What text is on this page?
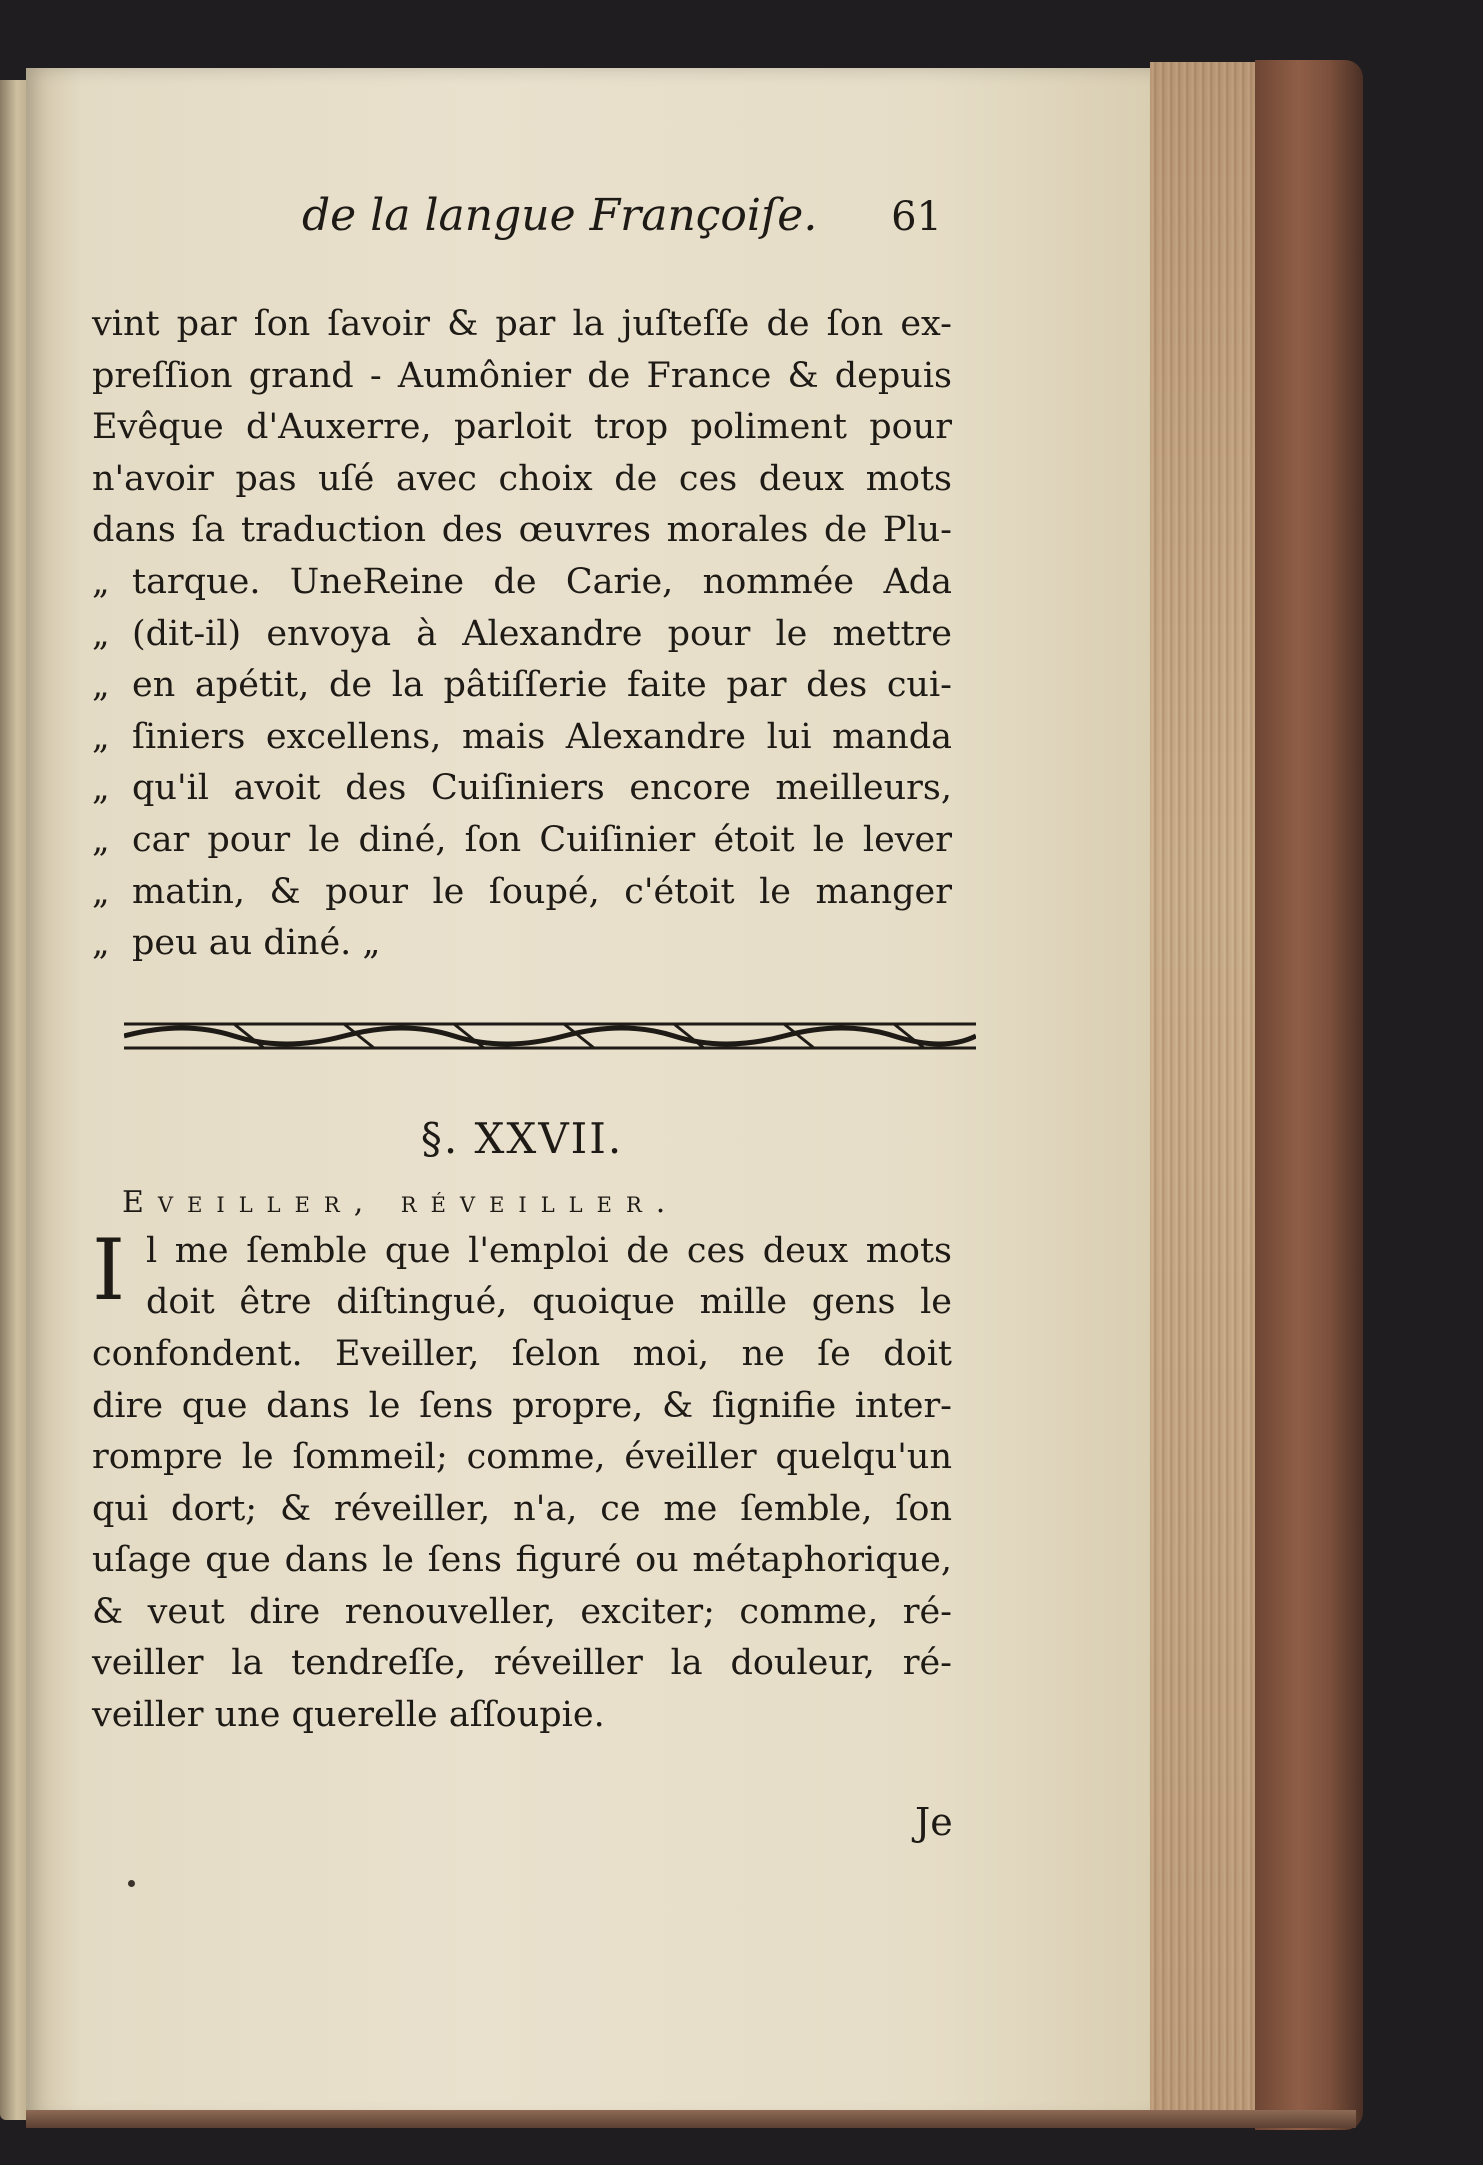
de la langue Françoiſe. 61
vint par ſon ſavoir & par la juſteſſe de ſon ex-
preſſion grand - Aumônier de France & depuis
Evêque d'Auxerre, parloit trop poliment pour
n'avoir pas uſé avec choix de ces deux mots
dans ſa traduction des œuvres morales de Plu-
„ tarque. UneReine de Carie, nommée Ada
„ (dit-il) envoya à Alexandre pour le mettre
„ en apétit, de la pâtiſſerie faite par des cui-
„ ſiniers excellens, mais Alexandre lui manda
„ qu'il avoit des Cuiſiniers encore meilleurs,
„ car pour le diné, ſon Cuiſinier étoit le lever
„ matin, & pour le ſoupé, c'étoit le manger
„ peu au diné. „
§. XXVII.
Eveiller, réveiller.
I l me ſemble que l'emploi de ces deux mots
doit être diſtingué, quoique mille gens le
confondent. Eveiller, ſelon moi, ne ſe doit
dire que dans le ſens propre, & ſignifie inter-
rompre le ſommeil; comme, éveiller quelqu'un
qui dort; & réveiller, n'a, ce me ſemble, ſon
uſage que dans le ſens figuré ou métaphorique,
& veut dire renouveller, exciter; comme, ré-
veiller la tendreſſe, réveiller la douleur, ré-
veiller une querelle aſſoupie.
Je
